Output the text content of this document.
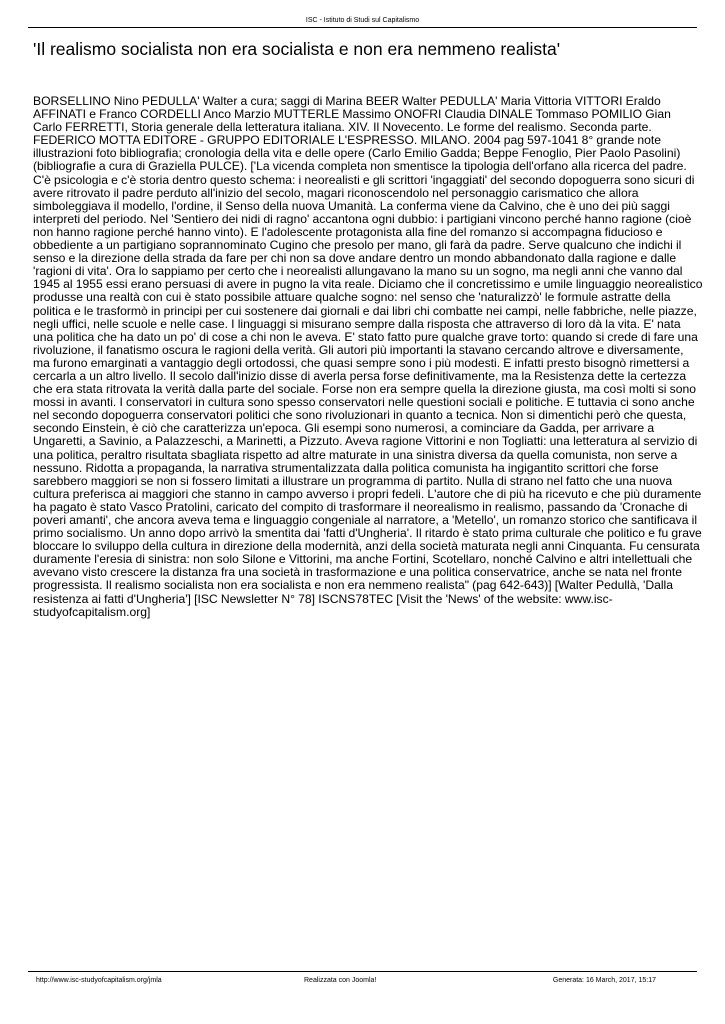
ISC - Istituto di Studi sul Capitalismo
'Il realismo socialista non era socialista e non era nemmeno realista'

BORSELLINO Nino PEDULLA' Walter a cura; saggi di Marina BEER Walter PEDULLA' Maria Vittoria VITTORI Eraldo AFFINATI e Franco CORDELLI Anco Marzio MUTTERLE Massimo ONOFRI Claudia DINALE Tommaso POMILIO Gian Carlo FERRETTI, Storia generale della letteratura italiana. XIV. Il Novecento. Le forme del realismo. Seconda parte. FEDERICO MOTTA EDITORE - GRUPPO EDITORIALE L'ESPRESSO. MILANO. 2004 pag 597-1041 8° grande note illustrazioni foto bibliografia; cronologia della vita e delle opere (Carlo Emilio Gadda; Beppe Fenoglio, Pier Paolo Pasolini) (bibliografie a cura di Graziella PULCE). ['La vicenda completa non smentisce la tipologia dell'orfano alla ricerca del padre. C'è psicologia e c'è storia dentro questo schema: i neorealisti e gli scrittori 'ingaggiati' del secondo dopoguerra sono sicuri di avere ritrovato il padre perduto all'inizio del secolo, magari riconoscendolo nel personaggio carismatico che allora simboleggiava il modello, l'ordine, il Senso della nuova Umanità. La conferma viene da Calvino, che è uno dei più saggi interpreti del periodo. Nel 'Sentiero dei nidi di ragno' accantona ogni dubbio: i partigiani vincono perché hanno ragione (cioè non hanno ragione perché hanno vinto). E l'adolescente protagonista alla fine del romanzo si accompagna fiducioso e obbediente a un partigiano soprannominato Cugino che presolo per mano, gli farà da padre. Serve qualcuno che indichi il senso e la direzione della strada da fare per chi non sa dove andare dentro un mondo abbandonato dalla ragione e dalle 'ragioni di vita'. Ora lo sappiamo per certo che i neorealisti allungavano la mano su un sogno, ma negli anni che vanno dal 1945 al 1955 essi erano persuasi di avere in pugno la vita reale. Diciamo che il concretissimo e umile linguaggio neorealistico produsse una realtà con cui è stato possibile attuare qualche sogno: nel senso che 'naturalizzò' le formule astratte della politica e le trasformò in principi per cui sostenere dai giornali e dai libri chi combatte nei campi, nelle fabbriche, nelle piazze, negli uffici, nelle scuole e nelle case. I linguaggi si misurano sempre dalla risposta che attraverso di loro dà la vita. E' nata una politica che ha dato un po' di cose a chi non le aveva. E' stato fatto pure qualche grave torto: quando si crede di fare una rivoluzione, il fanatismo oscura le ragioni della verità. Gli autori più importanti la stavano cercando altrove e diversamente, ma furono emarginati a vantaggio degli ortodossi, che quasi sempre sono i più modesti. E infatti presto bisognò rimettersi a cercarla a un altro livello. Il secolo dall'inizio disse di averla persa forse definitivamente, ma la Resistenza dette la certezza che era stata ritrovata la verità dalla parte del sociale. Forse non era sempre quella la direzione giusta, ma così molti si sono mossi in avanti. I conservatori in cultura sono spesso conservatori nelle questioni sociali e politiche. E tuttavia ci sono anche nel secondo dopoguerra conservatori politici che sono rivoluzionari in quanto a tecnica. Non si dimentichi però che questa, secondo Einstein, è ciò che caratterizza un'epoca. Gli esempi sono numerosi, a cominciare da Gadda, per arrivare a Ungaretti, a Savinio, a Palazzeschi, a Marinetti, a Pizzuto. Aveva ragione Vittorini e non Togliatti: una letteratura al servizio di una politica, peraltro risultata sbagliata rispetto ad altre maturate in una sinistra diversa da quella comunista, non serve a nessuno. Ridotta a propaganda, la narrativa strumentalizzata dalla politica comunista ha ingigantito scrittori che forse sarebbero maggiori se non si fossero limitati a illustrare un programma di partito. Nulla di strano nel fatto che una nuova cultura preferisca ai maggiori che stanno in campo avverso i propri fedeli. L'autore che di più ha ricevuto e che più duramente ha pagato è stato Vasco Pratolini, caricato del compito di trasformare il neorealismo in realismo, passando da 'Cronache di poveri amanti', che ancora aveva tema e linguaggio congeniale al narratore, a 'Metello', un romanzo storico che santificava il primo socialismo. Un anno dopo arrivò la smentita dai 'fatti d'Ungheria'. Il ritardo è stato prima culturale che politico e fu grave bloccare lo sviluppo della cultura in direzione della modernità, anzi della società maturata negli anni Cinquanta. Fu censurata duramente l'eresia di sinistra: non solo Silone e Vittorini, ma anche Fortini, Scotellaro, nonché Calvino e altri intellettuali che avevano visto crescere la distanza fra una società in trasformazione e una politica conservatrice, anche se nata nel fronte progressista. Il realismo socialista non era socialista e non era nemmeno realista" (pag 642-643)] [Walter Pedullà, 'Dalla resistenza ai fatti d'Ungheria'] [ISC Newsletter N° 78] ISCNS78TEC [Visit the 'News' of the website: www.isc-studyofcapitalism.org]

http://www.isc-studyofcapitalism.org/jmla	Realizzata con Joomla!	Generata: 16 March, 2017, 15:17
